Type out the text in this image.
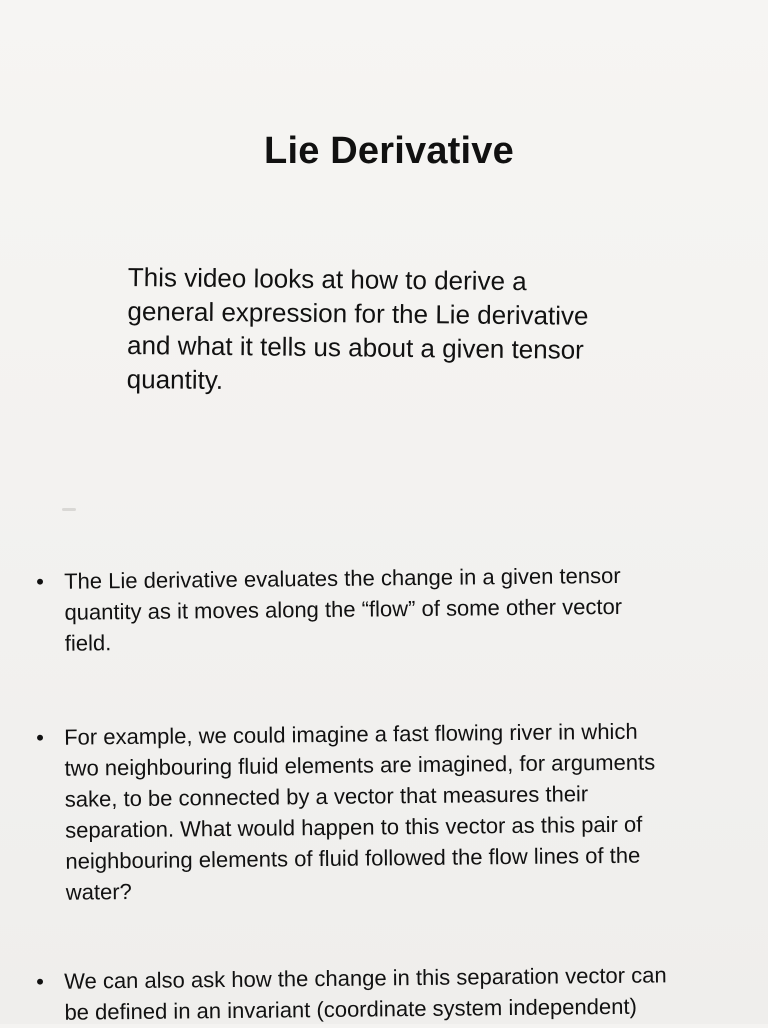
Lie Derivative
This video looks at how to derive a
general expression for the Lie derivative
and what it tells us about a given tensor
quantity.
• The Lie derivative evaluates the change in a given tensor
quantity as it moves along the “flow” of some other vector
field.
• For example, we could imagine a fast flowing river in which
two neighbouring fluid elements are imagined, for arguments
sake, to be connected by a vector that measures their
separation. What would happen to this vector as this pair of
neighbouring elements of fluid followed the flow lines of the
water?
• We can also ask how the change in this separation vector can
be defined in an invariant (coordinate system independent)
